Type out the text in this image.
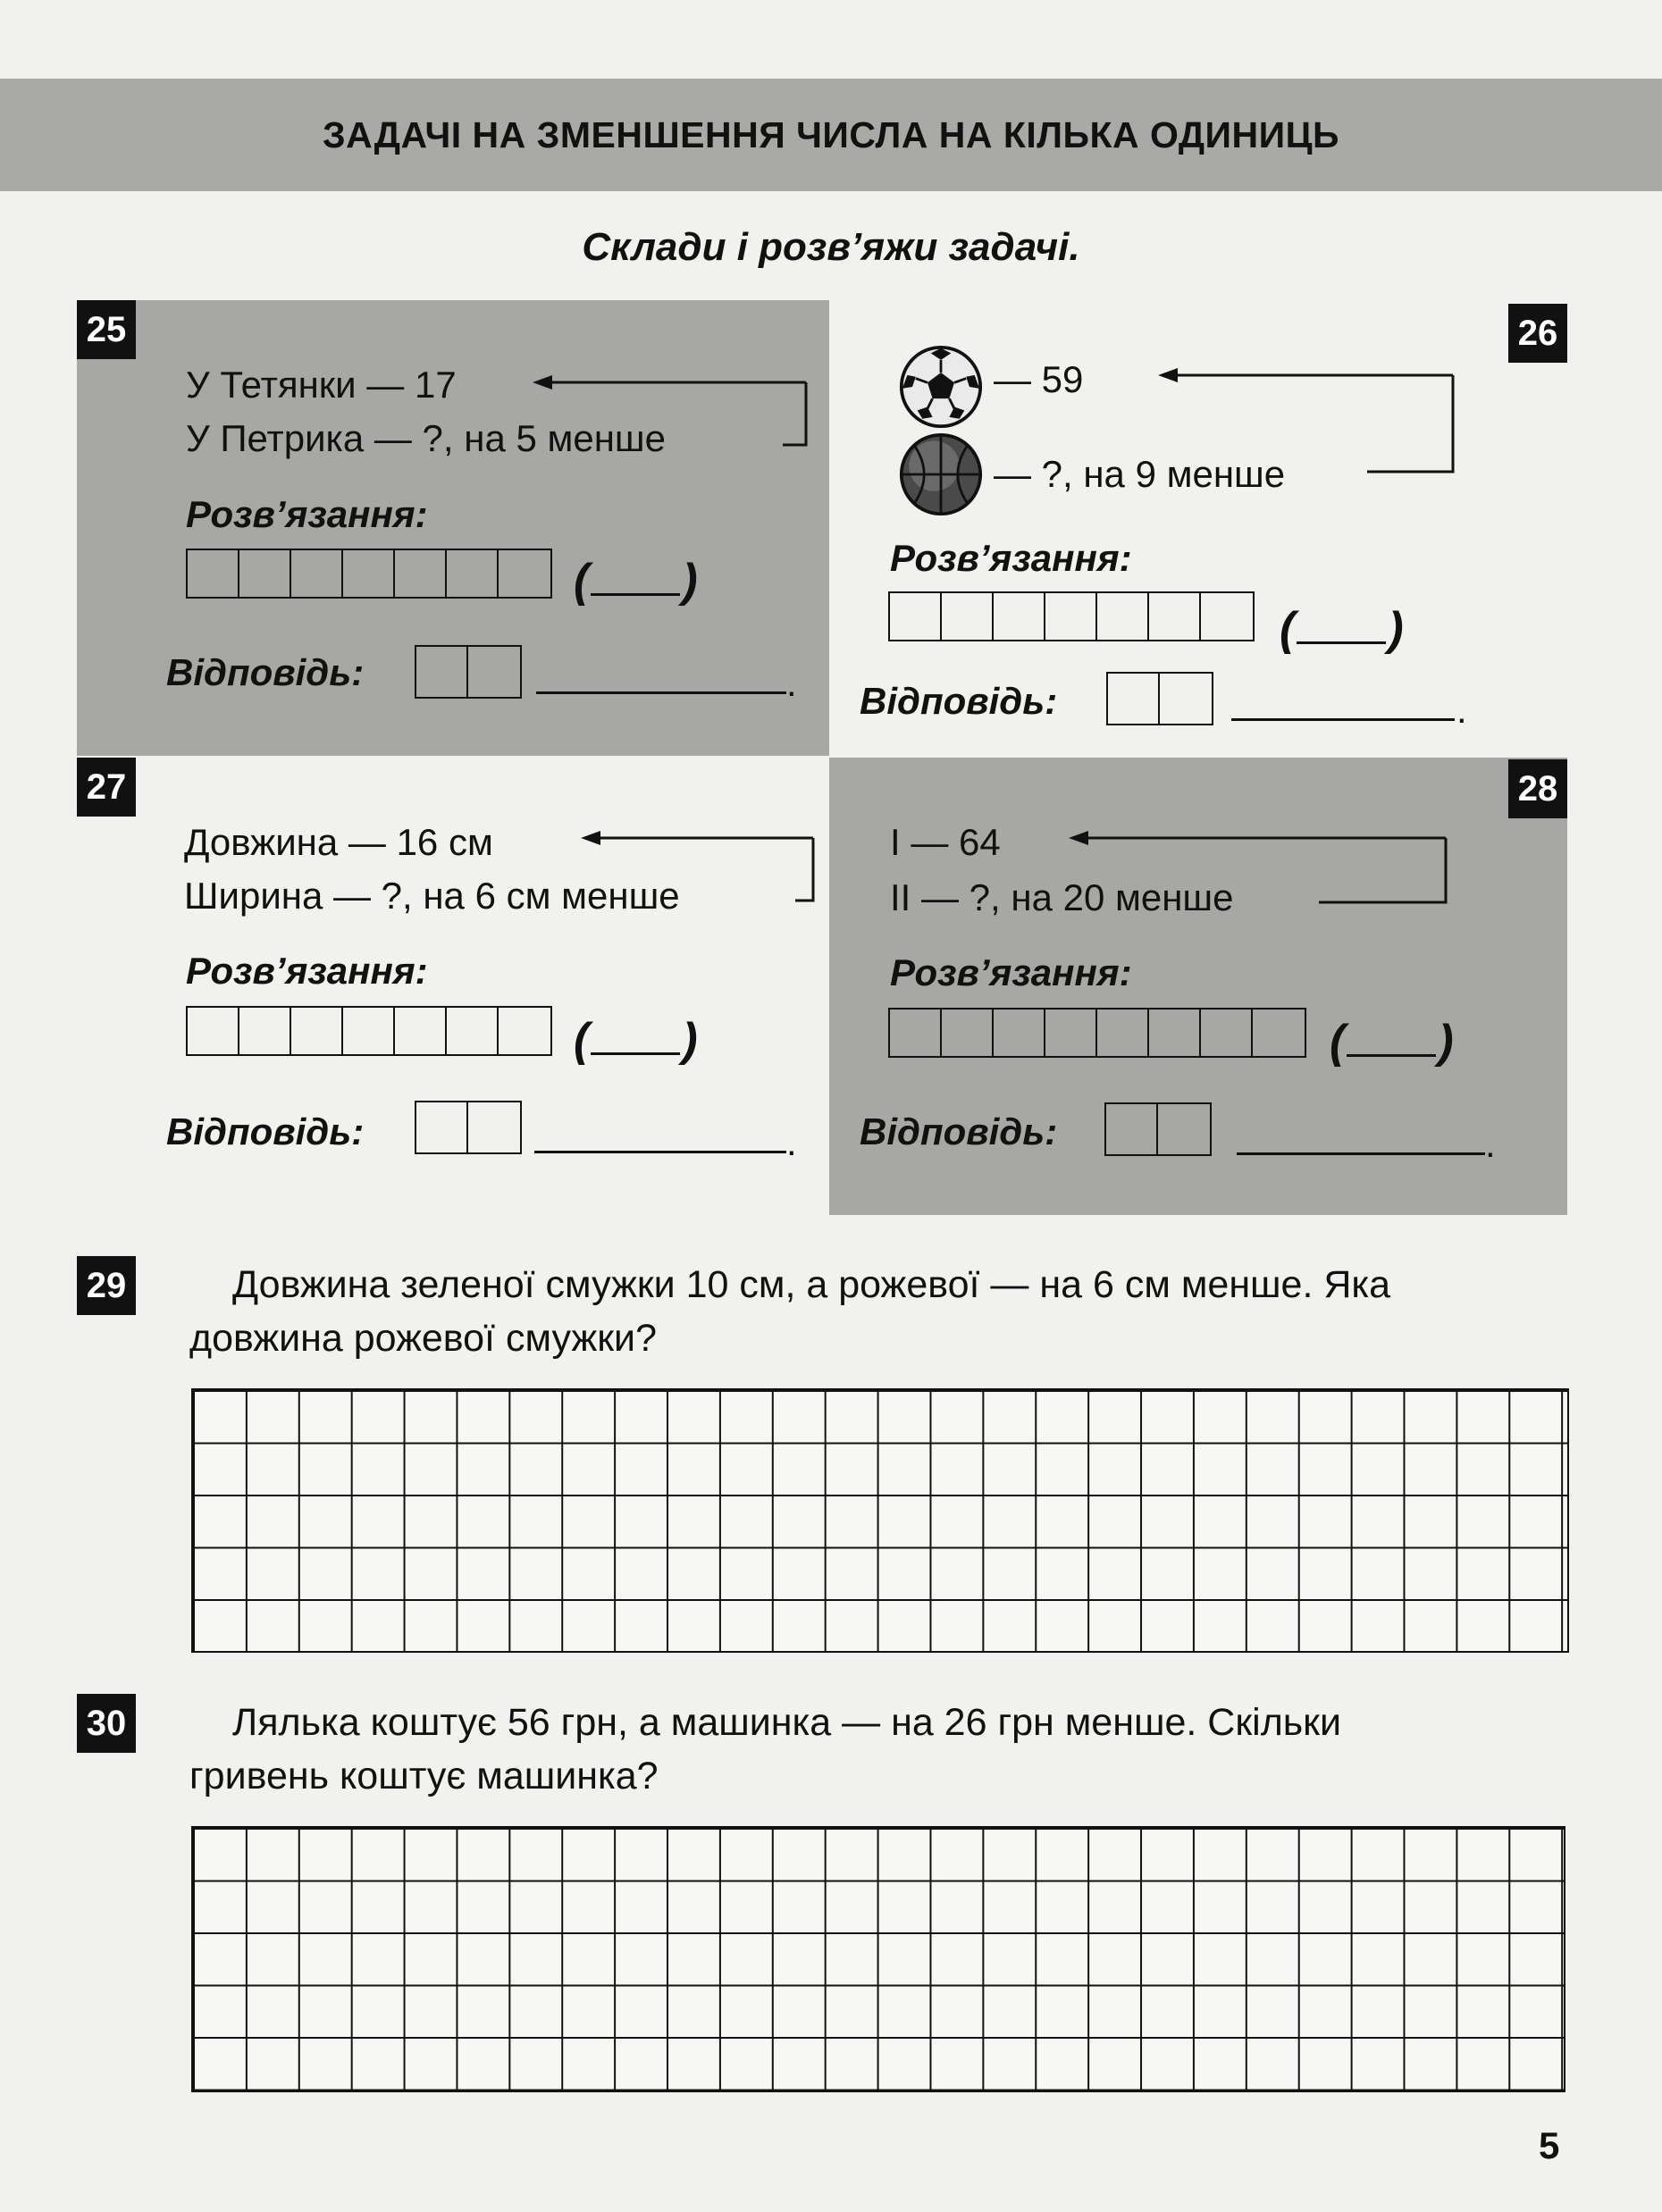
ЗАДАЧІ НА ЗМЕНШЕННЯ ЧИСЛА НА КІЛЬКА ОДИНИЦЬ
Склади і розв’яжи задачі.
25
У Тетянки — 17
У Петрика — ?, на 5 менше
Розв’язання:
( )
Відповідь:	.
26
— 59
— ?, на 9 менше
Розв’язання:
( )
Відповідь:	.
27
Довжина — 16 см
Ширина — ?, на 6 см менше
Розв’язання:
( )
Відповідь:	.
28
I — 64
II — ?, на 20 менше
Розв’язання:
( )
Відповідь:	.
29	Довжина зеленої смужки 10 см, а рожевої — на 6 см менше. Яка
довжина рожевої смужки?
30	Лялька коштує 56 грн, а машинка — на 26 грн менше. Скільки
гривень коштує машинка?
5
